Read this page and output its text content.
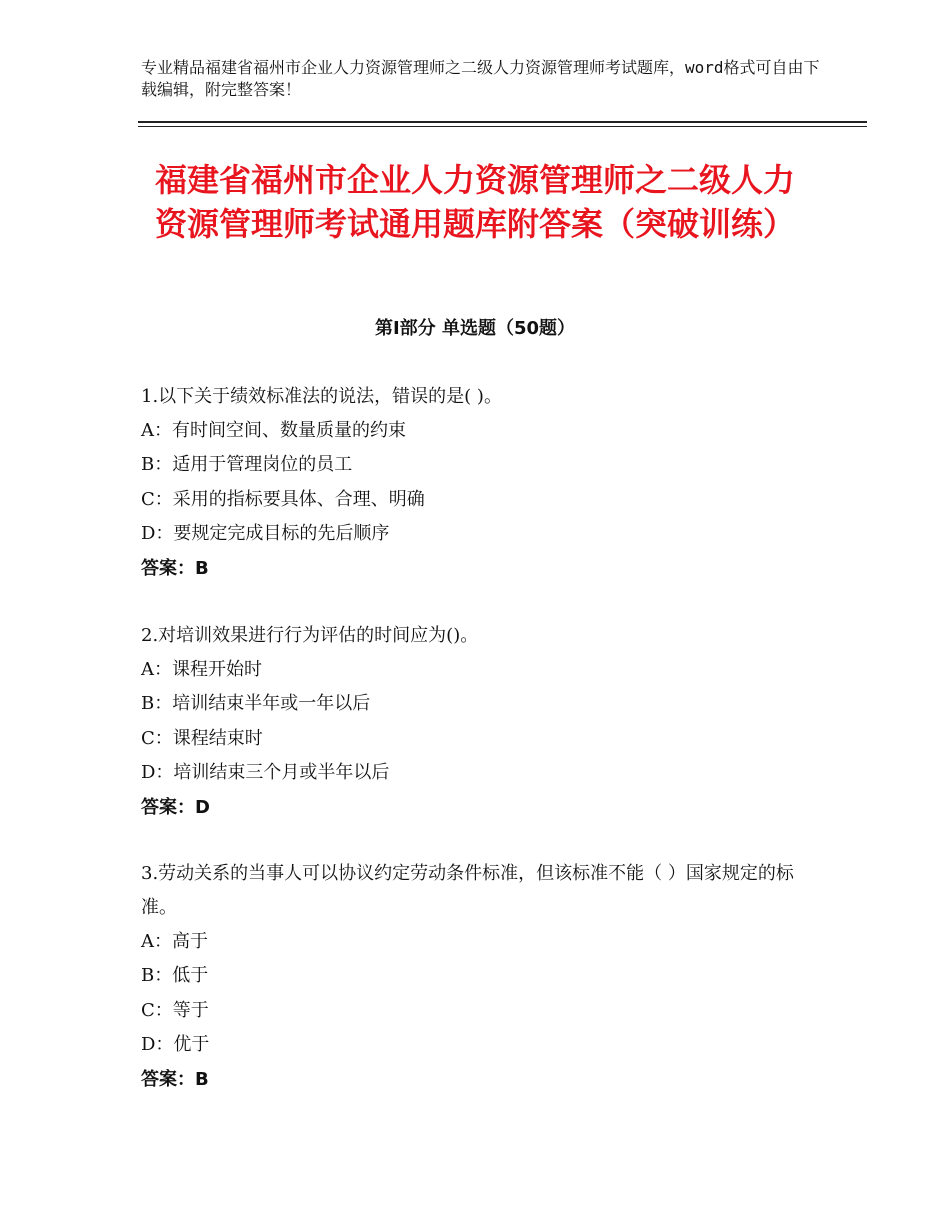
专业精品福建省福州市企业人力资源管理师之二级人力资源管理师考试题库，word格式可自由下载编辑，附完整答案！
福建省福州市企业人力资源管理师之二级人力资源管理师考试通用题库附答案（突破训练）
第Ⅰ部分 单选题（50题）
1.以下关于绩效标准法的说法，错误的是( )。
A：有时间空间、数量质量的约束
B：适用于管理岗位的员工
C：采用的指标要具体、合理、明确
D：要规定完成目标的先后顺序
答案：B
2.对培训效果进行行为评估的时间应为()。
A：课程开始时
B：培训结束半年或一年以后
C：课程结束时
D：培训结束三个月或半年以后
答案：D
3.劳动关系的当事人可以协议约定劳动条件标准，但该标准不能（ ）国家规定的标准。
A：高于
B：低于
C：等于
D：优于
答案：B
